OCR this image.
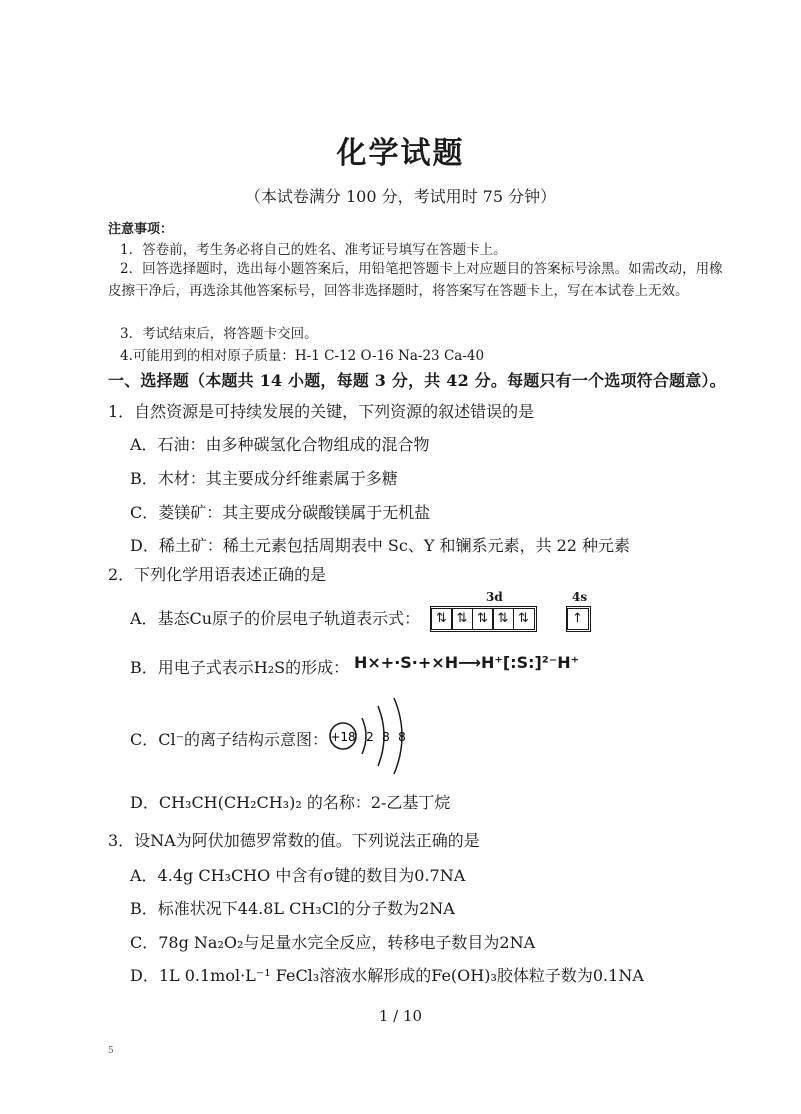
化学试题
（本试卷满分 100 分，考试用时 75 分钟）
注意事项：
1．答卷前，考生务必将自己的姓名、准考证号填写在答题卡上。
2．回答选择题时，选出每小题答案后，用铅笔把答题卡上对应题目的答案标号涂黑。如需改动，用橡皮擦干净后，再选涂其他答案标号，回答非选择题时，将答案写在答题卡上，写在本试卷上无效。
3．考试结束后，将答题卡交回。
4.可能用到的相对原子质量：H-1 C-12 O-16 Na-23 Ca-40
一、选择题（本题共 14 小题，每题 3 分，共 42 分。每题只有一个选项符合题意）。
1．自然资源是可持续发展的关键，下列资源的叙述错误的是
A．石油：由多种碳氢化合物组成的混合物
B．木材：其主要成分纤维素属于多糖
C．菱镁矿：其主要成分碳酸镁属于无机盐
D．稀土矿：稀土元素包括周期表中 Sc、Y 和镧系元素，共 22 种元素
2．下列化学用语表述正确的是
A．基态Cu原子的价层电子轨道表示式：
3d	4s
⇅ ⇅ ⇅ ⇅ ⇅	↑
B．用电子式表示H₂S的形成： H×+·S·+×H⟶H⁺[:S:]²⁻H⁺
C．Cl⁻的离子结构示意图： +18 2 8 8
D．CH₃CH(CH₂CH₃)₂ 的名称：2-乙基丁烷
3．设NA为阿伏加德罗常数的值。下列说法正确的是
A．4.4g CH₃CHO 中含有σ键的数目为0.7NA
B．标准状况下44.8L CH₃Cl的分子数为2NA
C．78g Na₂O₂与足量水完全反应，转移电子数目为2NA
D．1L 0.1mol·L⁻¹ FeCl₃溶液水解形成的Fe(OH)₃胶体粒子数为0.1NA
1 / 10
5
